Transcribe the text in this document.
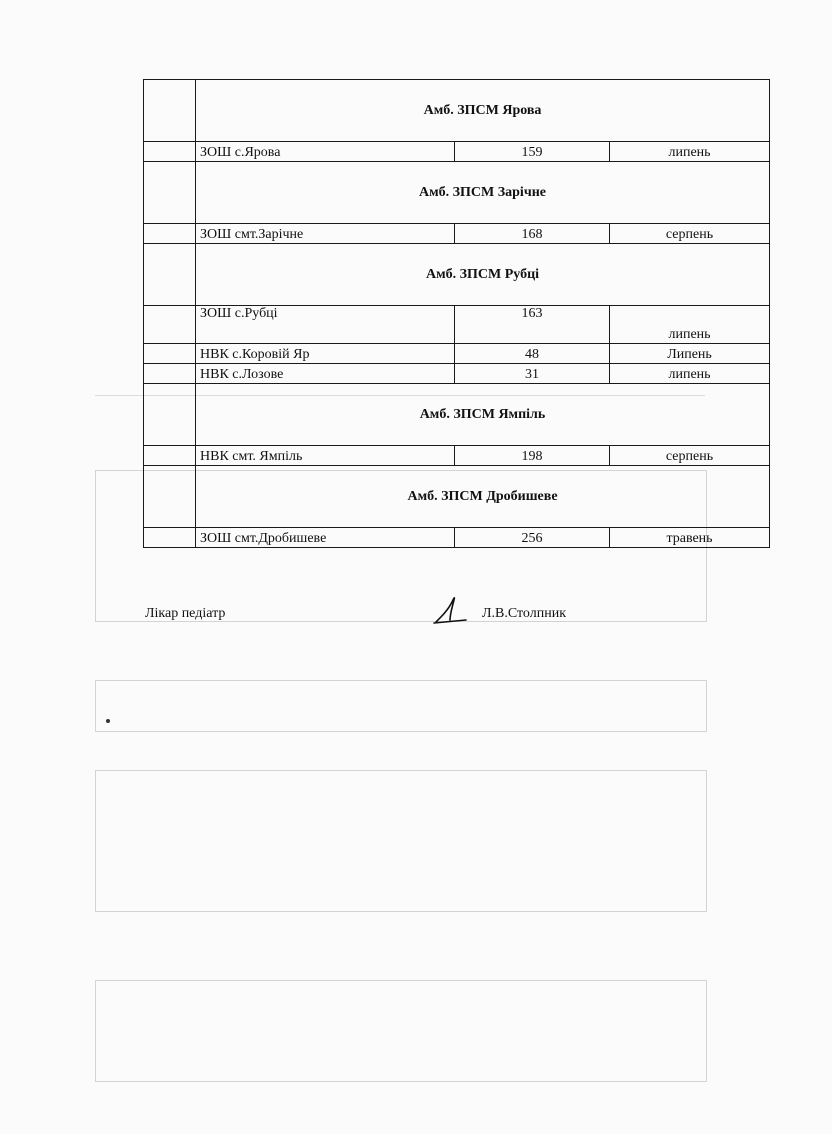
	Амб. ЗПСМ Ярова		
	ЗОШ с.Ярова	159	липень
	Амб. ЗПСМ Зарічне		
	ЗОШ смт.Зарічне	168	серпень
	Амб. ЗПСМ Рубці		
	ЗОШ с.Рубці	163	липень
	НВК с.Коровій Яр	48	Липень
	НВК с.Лозове	31	липень
	Амб. ЗПСМ Ямпіль		
	НВК смт. Ямпіль	198	серпень
	Амб. ЗПСМ Дробишеве		
	ЗОШ смт.Дробишеве	256	травень
Лікар педіатр	Л.В.Столпник
